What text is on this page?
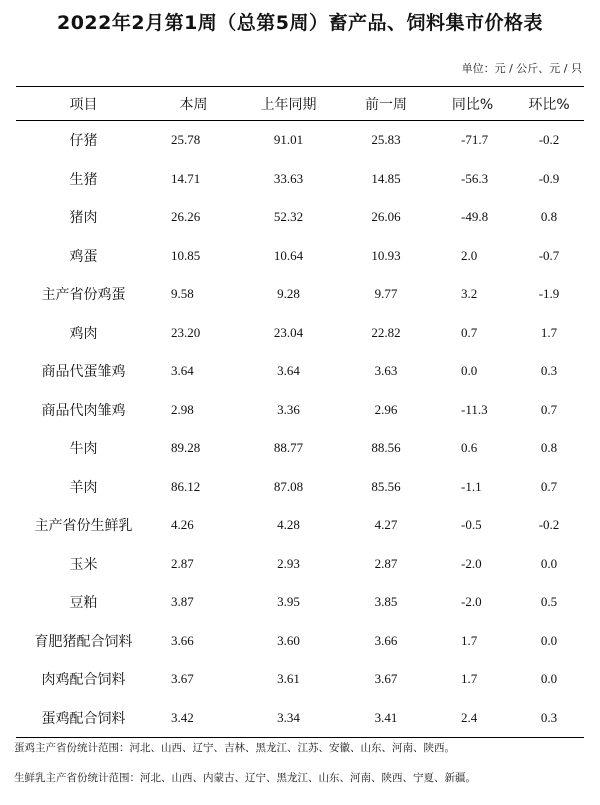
2022年2月第1周（总第5周）畜产品、饲料集市价格表
单位：元 / 公斤、元 / 只
项目	本周	上年同期	前一周	同比%	环比%
仔猪	25.78	91.01	25.83	-71.7	-0.2
生猪	14.71	33.63	14.85	-56.3	-0.9
猪肉	26.26	52.32	26.06	-49.8	0.8
鸡蛋	10.85	10.64	10.93	2.0	-0.7
主产省份鸡蛋	9.58	9.28	9.77	3.2	-1.9
鸡肉	23.20	23.04	22.82	0.7	1.7
商品代蛋雏鸡	3.64	3.64	3.63	0.0	0.3
商品代肉雏鸡	2.98	3.36	2.96	-11.3	0.7
牛肉	89.28	88.77	88.56	0.6	0.8
羊肉	86.12	87.08	85.56	-1.1	0.7
主产省份生鲜乳	4.26	4.28	4.27	-0.5	-0.2
玉米	2.87	2.93	2.87	-2.0	0.0
豆粕	3.87	3.95	3.85	-2.0	0.5
育肥猪配合饲料	3.66	3.60	3.66	1.7	0.0
肉鸡配合饲料	3.67	3.61	3.67	1.7	0.0
蛋鸡配合饲料	3.42	3.34	3.41	2.4	0.3
蛋鸡主产省份统计范围：河北、山西、辽宁、吉林、黑龙江、江苏、安徽、山东、河南、陕西。
生鲜乳主产省份统计范围：河北、山西、内蒙古、辽宁、黑龙江、山东、河南、陕西、宁夏、新疆。
